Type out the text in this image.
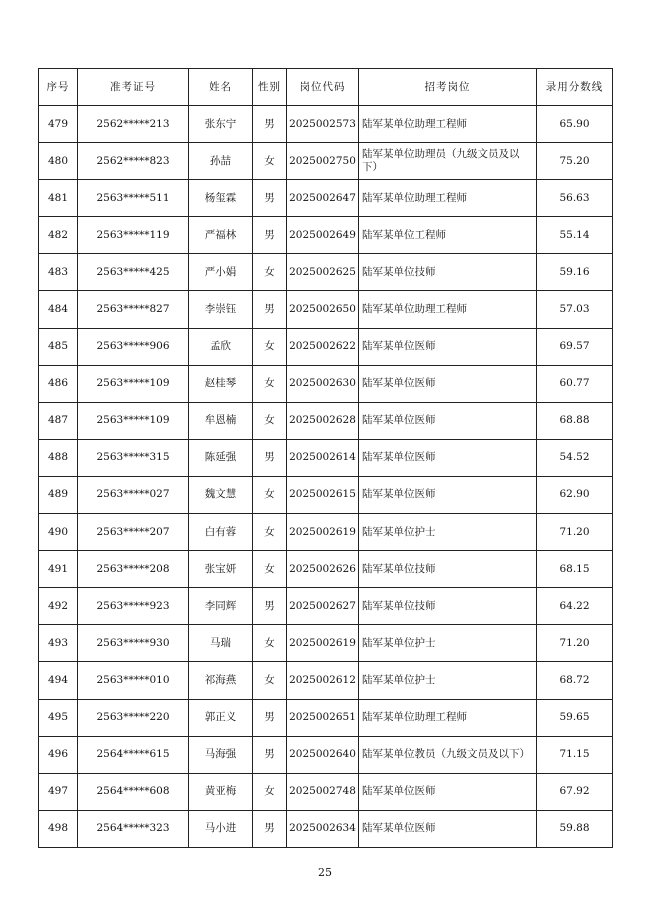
序号	准考证号	姓名	性别	岗位代码	招考岗位	录用分数线
479	2562*****213	张东宁	男	2025002573	陆军某单位助理工程师	65.90
480	2562*****823	孙喆	女	2025002750	陆军某单位助理员（九级文员及以下）	75.20
481	2563*****511	杨玺霖	男	2025002647	陆军某单位助理工程师	56.63
482	2563*****119	严福林	男	2025002649	陆军某单位工程师	55.14
483	2563*****425	严小娟	女	2025002625	陆军某单位技师	59.16
484	2563*****827	李崇钰	男	2025002650	陆军某单位助理工程师	57.03
485	2563*****906	孟欣	女	2025002622	陆军某单位医师	69.57
486	2563*****109	赵桂琴	女	2025002630	陆军某单位医师	60.77
487	2563*****109	牟恩楠	女	2025002628	陆军某单位医师	68.88
488	2563*****315	陈延强	男	2025002614	陆军某单位医师	54.52
489	2563*****027	魏文慧	女	2025002615	陆军某单位医师	62.90
490	2563*****207	白有蓉	女	2025002619	陆军某单位护士	71.20
491	2563*****208	张宝妍	女	2025002626	陆军某单位技师	68.15
492	2563*****923	李同辉	男	2025002627	陆军某单位技师	64.22
493	2563*****930	马瑞	女	2025002619	陆军某单位护士	71.20
494	2563*****010	祁海燕	女	2025002612	陆军某单位护士	68.72
495	2563*****220	郭正义	男	2025002651	陆军某单位助理工程师	59.65
496	2564*****615	马海强	男	2025002640	陆军某单位教员（九级文员及以下）	71.15
497	2564*****608	黄亚梅	女	2025002748	陆军某单位医师	67.92
498	2564*****323	马小进	男	2025002634	陆军某单位医师	59.88
25
